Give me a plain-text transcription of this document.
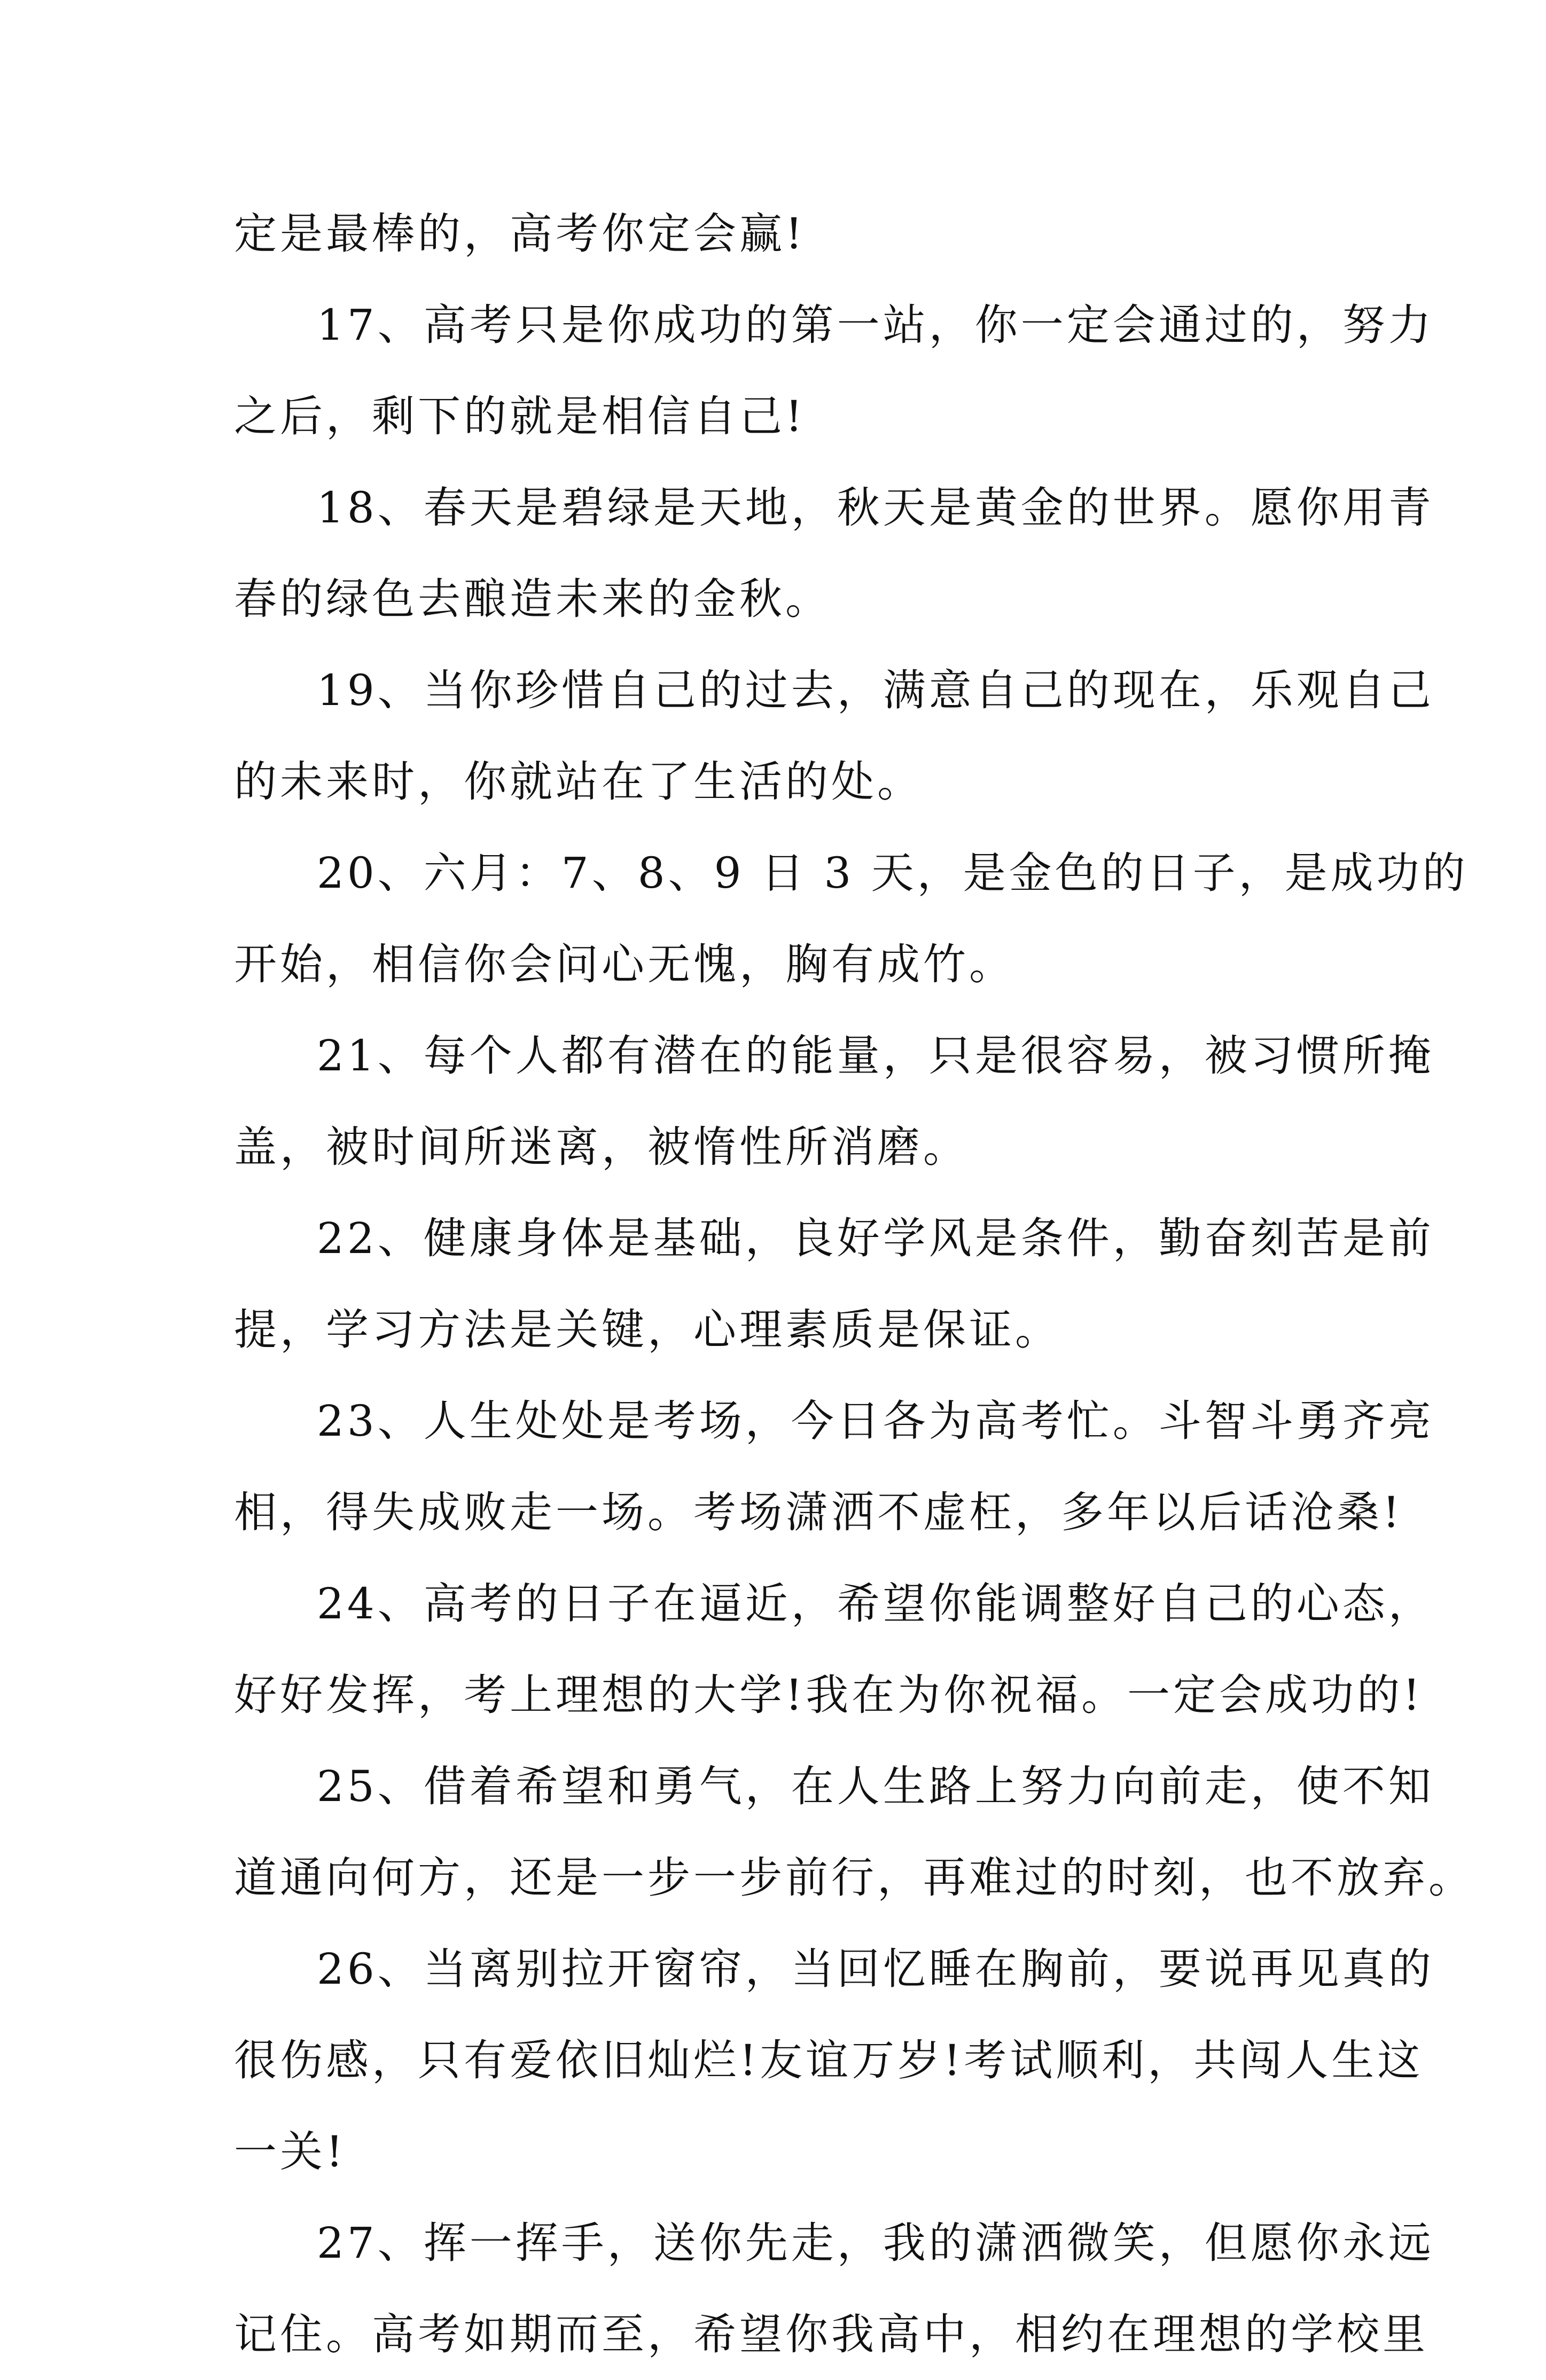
定是最棒的，高考你定会赢!
17、高考只是你成功的第一站，你一定会通过的，努力
之后，剩下的就是相信自己!
18、春天是碧绿是天地，秋天是黄金的世界。愿你用青
春的绿色去酿造未来的金秋。
19、当你珍惜自己的过去，满意自己的现在，乐观自己
的未来时，你就站在了生活的处。
20、六月：7、8、9 日 3 天，是金色的日子，是成功的
开始，相信你会问心无愧，胸有成竹。
21、每个人都有潜在的能量，只是很容易，被习惯所掩
盖，被时间所迷离，被惰性所消磨。
22、健康身体是基础，良好学风是条件，勤奋刻苦是前
提，学习方法是关键，心理素质是保证。
23、人生处处是考场，今日各为高考忙。斗智斗勇齐亮
相，得失成败走一场。考场潇洒不虚枉，多年以后话沧桑!
24、高考的日子在逼近，希望你能调整好自己的心态，
好好发挥，考上理想的大学!我在为你祝福。一定会成功的!
25、借着希望和勇气，在人生路上努力向前走，使不知
道通向何方，还是一步一步前行，再难过的时刻，也不放弃。
26、当离别拉开窗帘，当回忆睡在胸前，要说再见真的
很伤感，只有爱依旧灿烂!友谊万岁!考试顺利，共闯人生这
一关!
27、挥一挥手，送你先走，我的潇洒微笑，但愿你永远
记住。高考如期而至，希望你我高中，相约在理想的学校里
